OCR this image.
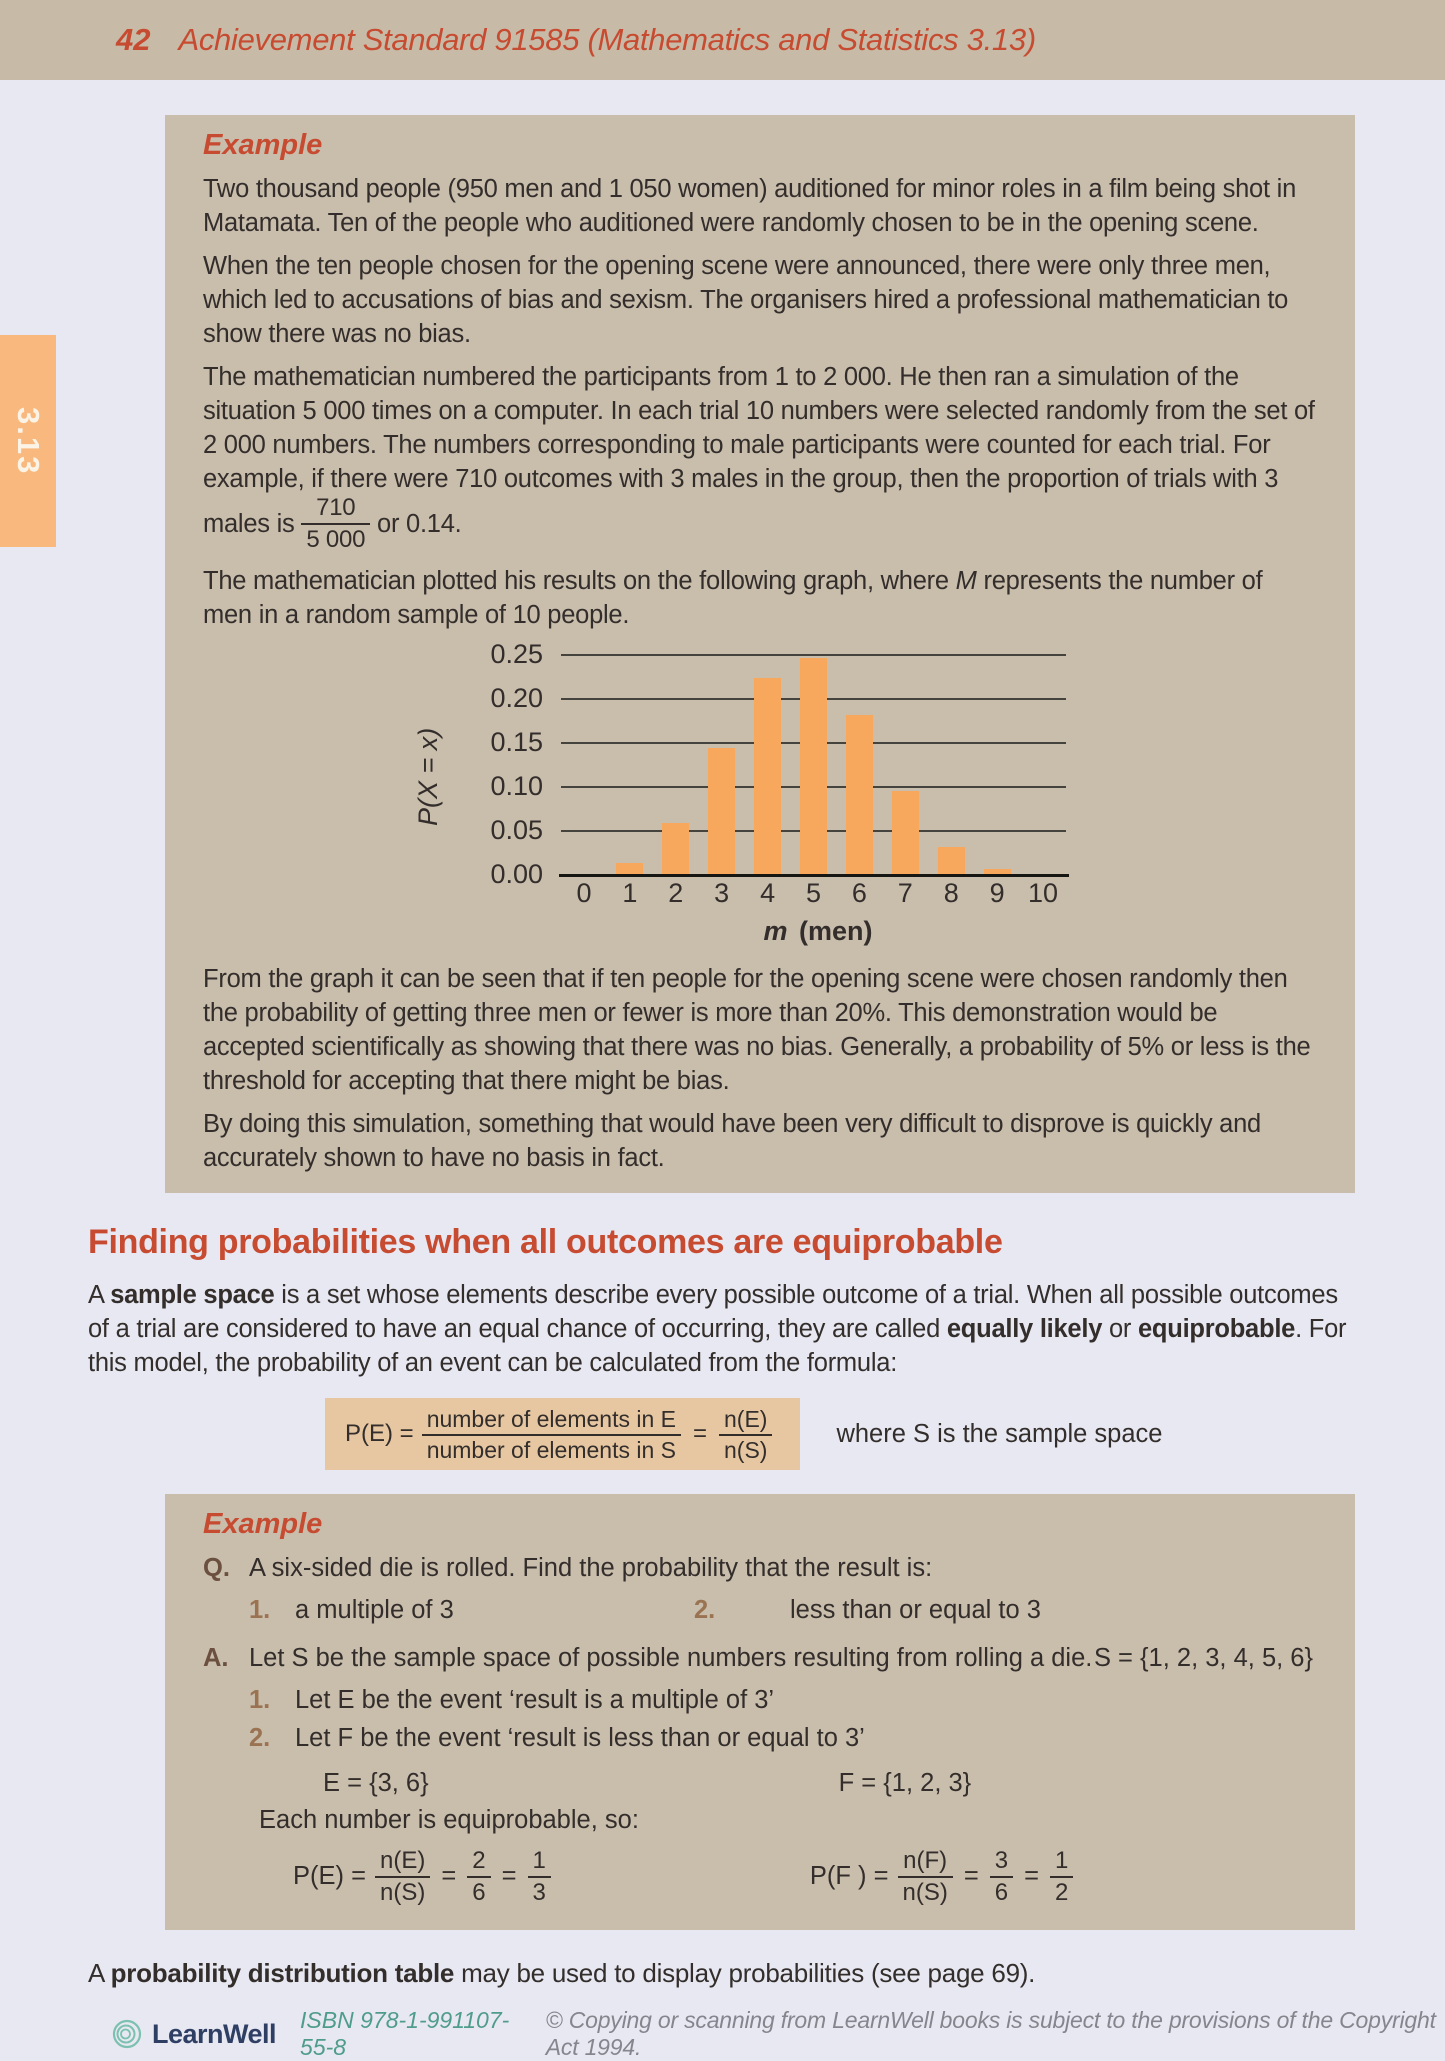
42 Achievement Standard 91585 (Mathematics and Statistics 3.13)
3.13
Example

Two thousand people (950 men and 1 050 women) auditioned for minor roles in a film being shot in Matamata. Ten of the people who auditioned were randomly chosen to be in the opening scene.

When the ten people chosen for the opening scene were announced, there were only three men, which led to accusations of bias and sexism. The organisers hired a professional mathematician to show there was no bias.

The mathematician numbered the participants from 1 to 2 000. He then ran a simulation of the situation 5 000 times on a computer. In each trial 10 numbers were selected randomly from the set of 2 000 numbers. The numbers corresponding to male participants were counted for each trial. For example, if there were 710 outcomes with 3 males in the group, then the proportion of trials with 3 males is $\frac{710}{5 000}$ or 0.14.

The mathematician plotted his results on the following graph, where M represents the number of men in a random sample of 10 people.

P(X = x)
m (men)
0.00
0.05
0.10
0.15
0.20
0.25
0	1	2	3	4	5	6	7	8	9 10

From the graph it can be seen that if ten people for the opening scene were chosen randomly then the probability of getting three men or fewer is more than 20%. This demonstration would be accepted scientifically as showing that there was no bias. Generally, a probability of 5% or less is the threshold for accepting that there might be bias.

By doing this simulation, something that would have been very difficult to disprove is quickly and accurately shown to have no basis in fact.

Finding probabilities when all outcomes are equiprobable

A sample space is a set whose elements describe every possible outcome of a trial. When all possible outcomes of a trial are considered to have an equal chance of occurring, they are called equally likely or equiprobable. For this model, the probability of an event can be calculated from the formula:

P(E) =
number of elements in E
number of elements in S
= $\frac{n(E)}{n(S)}$	where S is the sample space
Example
Q. A six-sided die is rolled. Find the probability that the result is:
1. a multiple of 3	2.	less than or equal to 3
A. Let S be the sample space of possible numbers resulting from rolling a die. S = {1, 2, 3, 4, 5, 6}
1. Let E be the event ‘result is a multiple of 3’
2. Let F be the event ‘result is less than or equal to 3’
E = {3, 6}	F = {1, 2, 3}
Each number is equiprobable, so:
$P(E) = \frac{n(E)}{n(S)} = \frac{2}{6} = \frac{1}{3}$	P(F ) = $\frac{n(F)}{n(S)} = \frac{3}{6} = \frac{1}{2}$
A probability distribution table may be used to display probabilities (see page 69).
LearnWell ISBN 978-1-991107-55-8
© Copying or scanning from LearnWell books is subject to the provisions of the Copyright Act 1994.
